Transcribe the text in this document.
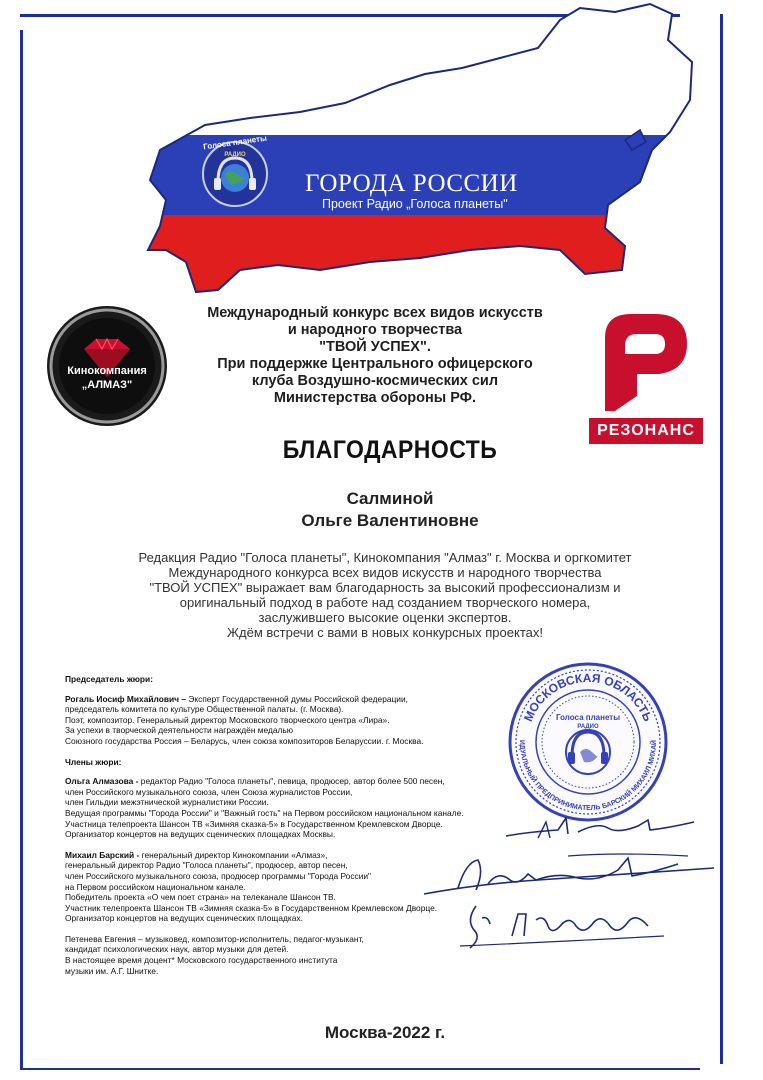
Голоса планеты
РАДИО
ГОРОДА РОССИИ
Проект Радио „Голоса планеты"
Кинокомпания
„АЛМАЗ"
РЕЗОНАНС
Международный конкурс всех видов искусств
и народного творчества
"ТВОЙ УСПЕХ".
При поддержке Центрального офицерского
клуба Воздушно-космических сил
Министерства обороны РФ.
БЛАГОДАРНОСТЬ
Салминой
Ольге Валентиновне
Редакция Радио "Голоса планеты", Кинокомпания "Алмаз" г. Москва и оргкомитет
Международного конкурса всех видов искусств и народного творчества
"ТВОЙ УСПЕХ" выражает вам благодарность за высокий профессионализм и
оригинальный подход в работе над созданием творческого номера,
заслужившего высокие оценки экспертов.
Ждём встречи с вами в новых конкурсных проектах!
Председатель жюри:
Рогаль Иосиф Михайлович – Эксперт Государственной думы Российской федерации,
председатель комитета по культуре Общественной палаты. (г. Москва).
Поэт, композитор. Генеральный директор Московского творческого центра «Лира».
За успехи в творческой деятельности награждён медалью
Союзного государства Россия – Беларусь, член союза композиторов Беларуссии. г. Москва.
Члены жюри:
Ольга Алмазова - редактор Радио "Голоса планеты", певица, продюсер, автор более 500 песен,
член Российского музыкального союза, член Союза журналистов России,
член Гильдии межэтнической журналистики России.
Ведущая программы "Города России" и "Важный гость" на Первом российском национальном канале.
Участница телепроекта Шансон ТВ «Зимняя сказка-5» в Государственном Кремлевском Дворце.
Организатор концертов на ведущих сценических площадках Москвы.
Михаил Барский - генеральный директор Кинокомпании «Алмаз»,
генеральный директор Радио "Голоса планеты", продюсер, автор песен,
член Российского музыкального союза, продюсер программы "Города России"
на Первом российском национальном канале.
Победитель проекта «О чем поет страна» на телеканале Шансон ТВ.
Участник телепроекта Шансон ТВ «Зимняя сказка-5» в Государственном Кремлевском Дворце.
Организатор концертов на ведущих сценических площадках.
Петенева Евгения – музыковед, композитор-исполнитель, педагог-музыкант,
кандидат психологических наук, автор музыки для детей.
В настоящее время доцент* Московского государственного института
музыки им. А.Г. Шнитке.
МОСКОВСКАЯ ОБЛАСТЬ
ИДУАЛЬНЫЙ ПРЕДПРИНИМАТЕЛЬ БАРСКИЙ МИХАИЛ МИХАЙ
Голоса планеты
РАДИО
Москва-2022 г.
